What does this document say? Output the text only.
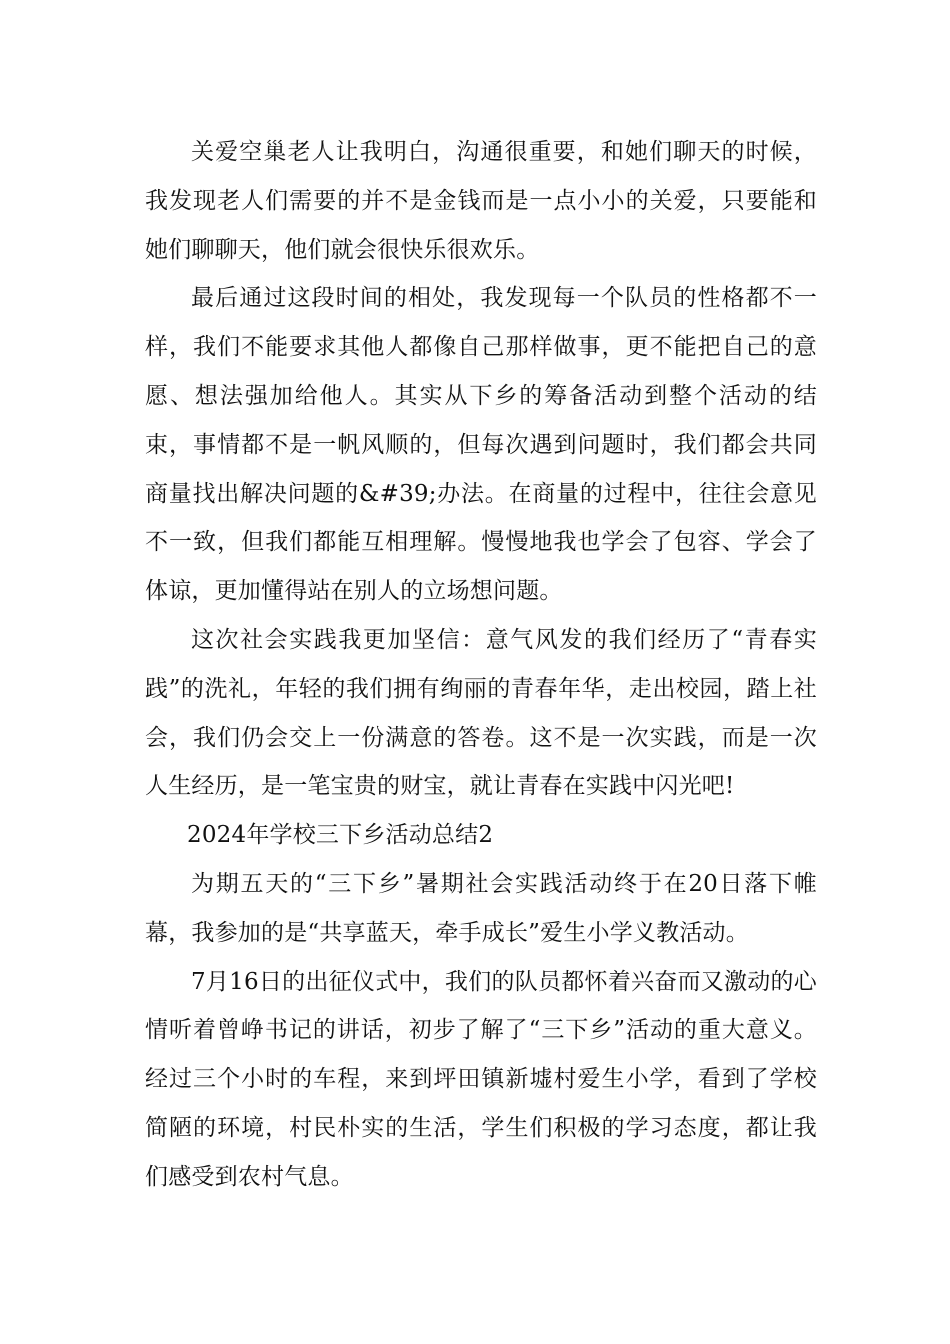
关爱空巢老人让我明白，沟通很重要，和她们聊天的时候，我发现老人们需要的并不是金钱而是一点小小的关爱，只要能和她们聊聊天，他们就会很快乐很欢乐。

最后通过这段时间的相处，我发现每一个队员的性格都不一样，我们不能要求其他人都像自己那样做事，更不能把自己的意愿、想法强加给他人。其实从下乡的筹备活动到整个活动的结束，事情都不是一帆风顺的，但每次遇到问题时，我们都会共同商量找出解决问题的&#39;办法。在商量的过程中，往往会意见不一致，但我们都能互相理解。慢慢地我也学会了包容、学会了体谅，更加懂得站在别人的立场想问题。

这次社会实践我更加坚信：意气风发的我们经历了“青春实践”的洗礼，年轻的我们拥有绚丽的青春年华，走出校园，踏上社会，我们仍会交上一份满意的答卷。这不是一次实践，而是一次人生经历，是一笔宝贵的财宝，就让青春在实践中闪光吧!

2024年学校三下乡活动总结2

为期五天的“三下乡”暑期社会实践活动终于在20日落下帷幕，我参加的是“共享蓝天，牵手成长”爱生小学义教活动。

7月16日的出征仪式中，我们的队员都怀着兴奋而又激动的心情听着曾峥书记的讲话，初步了解了“三下乡”活动的重大意义。经过三个小时的车程，来到坪田镇新墟村爱生小学，看到了学校简陋的环境，村民朴实的生活，学生们积极的学习态度，都让我们感受到农村气息。
